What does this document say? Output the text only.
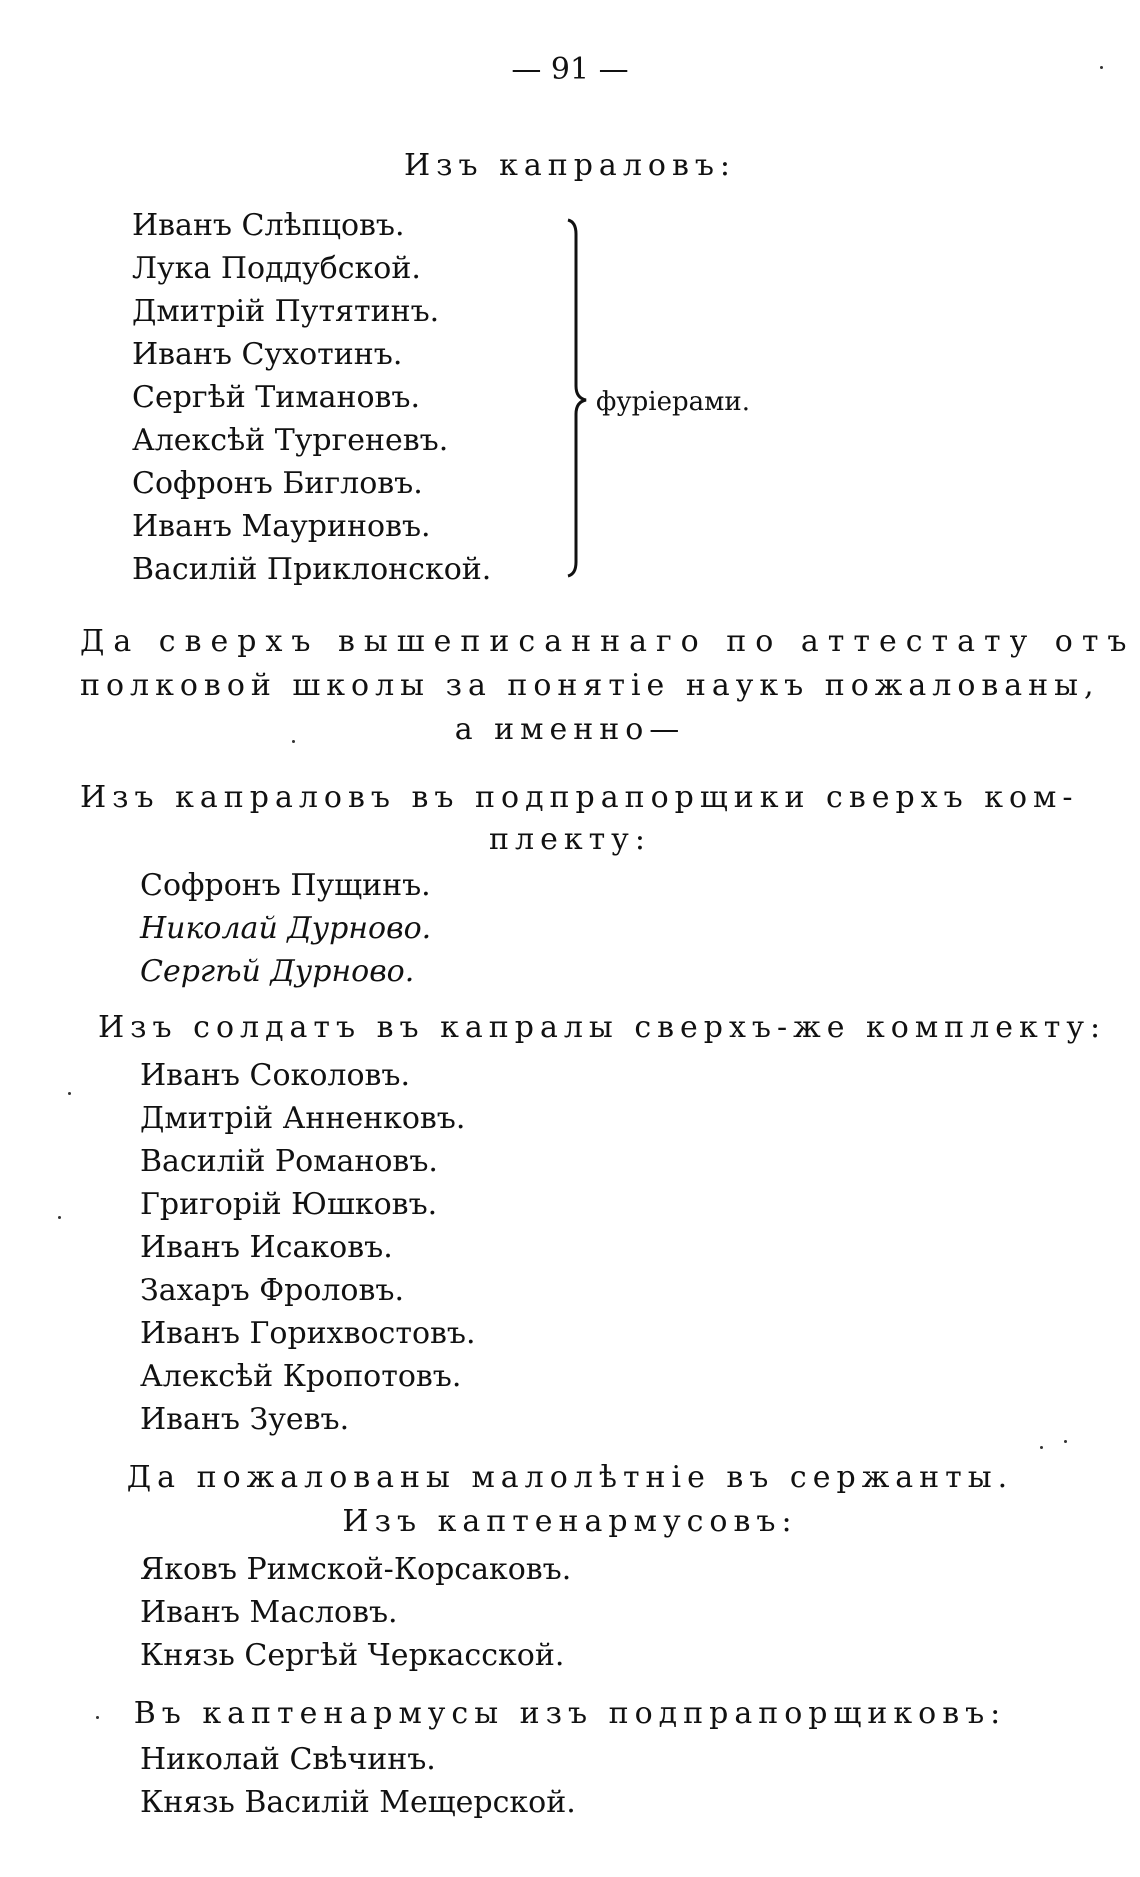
— 91 —
Изъ капраловъ:
Иванъ Слѣпцовъ.
Лука Поддубской.
Дмитрій Путятинъ.
Иванъ Сухотинъ.
Сергѣй Тимановъ.
Алексѣй Тургеневъ.
Софронъ Бигловъ.
Иванъ Мауриновъ.
Василій Приклонской.
фуріерами.
Да сверхъ вышеписаннаго по аттестату отъ
полковой школы за понятіе наукъ пожалованы,
а именно—
Изъ капраловъ въ подпрапорщики сверхъ ком-
плекту:
Софронъ Пущинъ.
Николай Дурново.
Сергѣй Дурново.
Изъ солдатъ въ капралы сверхъ-же комплекту:
Иванъ Соколовъ.
Дмитрій Анненковъ.
Василій Романовъ.
Григорій Юшковъ.
Иванъ Исаковъ.
Захаръ Фроловъ.
Иванъ Горихвостовъ.
Алексѣй Кропотовъ.
Иванъ Зуевъ.
Да пожалованы малолѣтніе въ сержанты.
Изъ каптенармусовъ:
Яковъ Римской-Корсаковъ.
Иванъ Масловъ.
Князь Сергѣй Черкасской.
Въ каптенармусы изъ подпрапорщиковъ:
Николай Свѣчинъ.
Князь Василій Мещерской.
